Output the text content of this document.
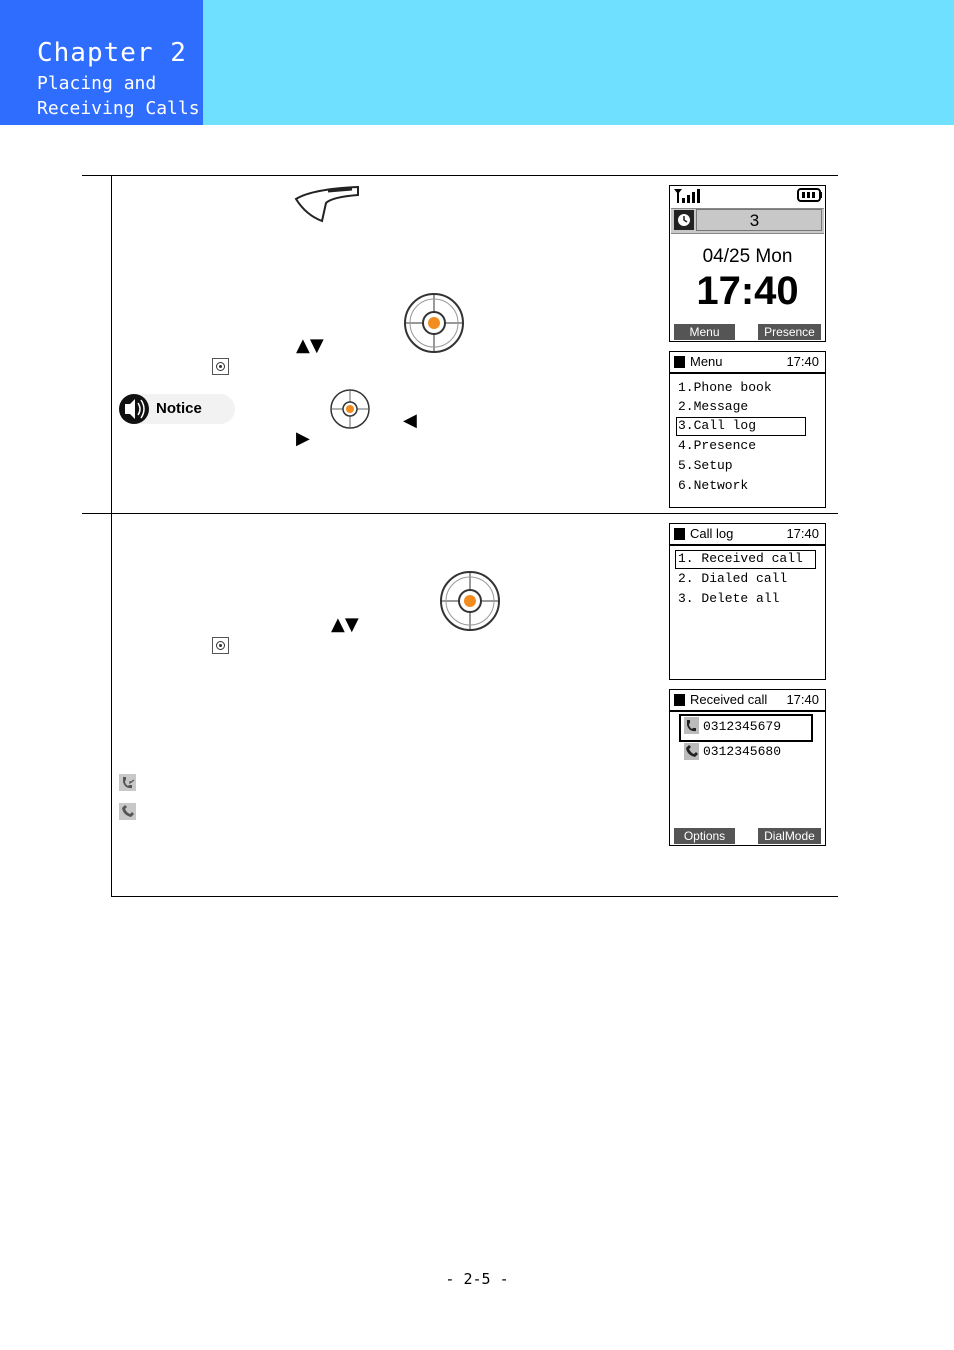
Chapter 2
Placing and
Receiving Calls
▲▼
Notice
◀
▶
▲▼
3
04/25 Mon
17:40
Menu	Presence
Menu	17:40
1.Phone book
2.Message
3.Call log
4.Presence
5.Setup
6.Network
Call log	17:40
1. Received call
2. Dialed call
3. Delete all
Received call 17:40
0312345679
0312345680
Options	DialMode
- 2-5 -
